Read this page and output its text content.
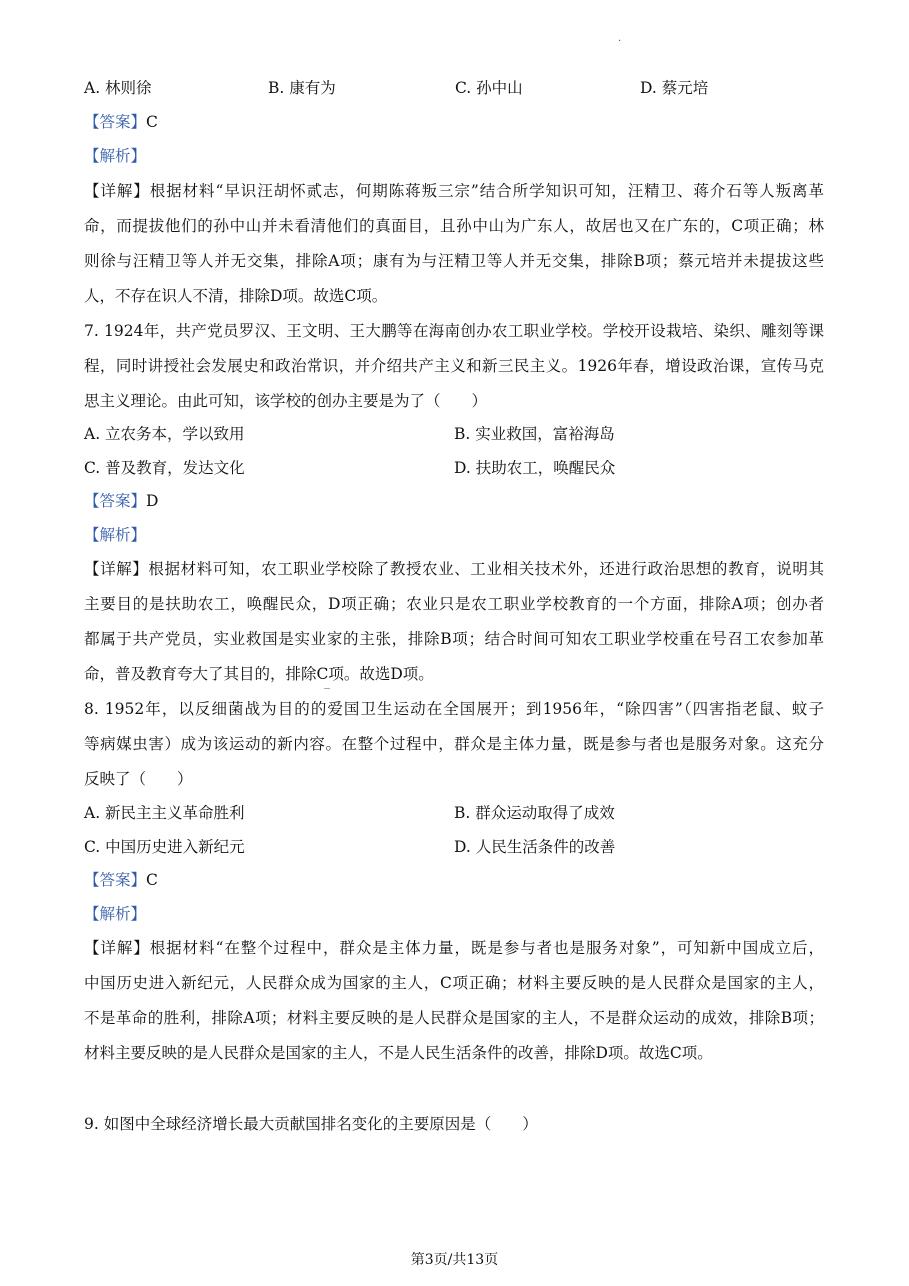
·
A. 林则徐	B. 康有为	C. 孙中山	D. 蔡元培
【答案】C
【解析】
【详解】根据材料“早识汪胡怀贰志，何期陈蒋叛三宗”结合所学知识可知，汪精卫、蒋介石等人叛离革
命，而提拔他们的孙中山并未看清他们的真面目，且孙中山为广东人，故居也又在广东的，C项正确；林
则徐与汪精卫等人并无交集，排除A项；康有为与汪精卫等人并无交集，排除B项；蔡元培并未提拔这些
人，不存在识人不清，排除D项。故选C项。
7. 1924年，共产党员罗汉、王文明、王大鹏等在海南创办农工职业学校。学校开设栽培、染织、雕刻等课
程，同时讲授社会发展史和政治常识，并介绍共产主义和新三民主义。1926年春，增设政治课，宣传马克
思主义理论。由此可知，该学校的创办主要是为了（　　）
A. 立农务本，学以致用	B. 实业救国，富裕海岛
C. 普及教育，发达文化	D. 扶助农工，唤醒民众
【答案】D
【解析】
【详解】根据材料可知，农工职业学校除了教授农业、工业相关技术外，还进行政治思想的教育，说明其
主要目的是扶助农工，唤醒民众，D项正确；农业只是农工职业学校教育的一个方面，排除A项；创办者
都属于共产党员，实业救国是实业家的主张，排除B项；结合时间可知农工职业学校重在号召工农参加革
命，普及教育夸大了其目的，排除C项。故选D项。
8. 1952年，以反细菌战为目的的爱国卫生运动在全国展开；到1956年，“除四害”（四害指老鼠、蚊子
等病媒虫害）成为该运动的新内容。在整个过程中，群众是主体力量，既是参与者也是服务对象。这充分
反映了（　　）
A. 新民主主义革命胜利	B. 群众运动取得了成效
C. 中国历史进入新纪元	D. 人民生活条件的改善
【答案】C
【解析】
【详解】根据材料“在整个过程中，群众是主体力量，既是参与者也是服务对象”，可知新中国成立后，
中国历史进入新纪元，人民群众成为国家的主人，C项正确；材料主要反映的是人民群众是国家的主人，
不是革命的胜利，排除A项；材料主要反映的是人民群众是国家的主人，不是群众运动的成效，排除B项；
材料主要反映的是人民群众是国家的主人，不是人民生活条件的改善，排除D项。故选C项。
9. 如图中全球经济增长最大贡献国排名变化的主要原因是（　　）
第3页/共13页
